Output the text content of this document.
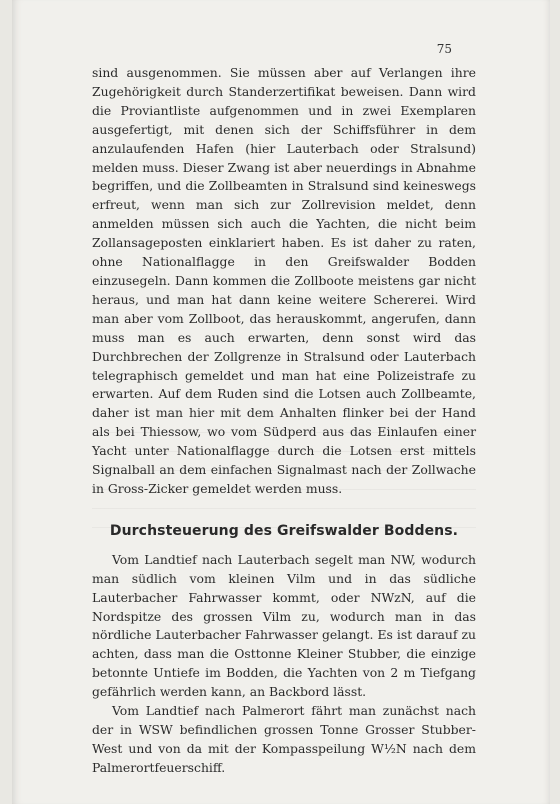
75

sind ausgenommen. Sie müssen aber auf Verlangen ihre Zugehörigkeit durch Standerzertifikat beweisen. Dann wird die Proviantliste aufgenommen und in zwei Exemplaren ausgefertigt, mit denen sich der Schiffsführer in dem anzulaufenden Hafen (hier Lauterbach oder Stralsund) melden muss. Dieser Zwang ist aber neuerdings in Abnahme begriffen, und die Zollbeamten in Stralsund sind keineswegs erfreut, wenn man sich zur Zollrevision meldet, denn anmelden müssen sich auch die Yachten, die nicht beim Zollansageposten einklariert haben. Es ist daher zu raten, ohne Nationalflagge in den Greifswalder Bodden einzusegeln. Dann kommen die Zollboote meistens gar nicht heraus, und man hat dann keine weitere Schererei. Wird man aber vom Zollboot, das herauskommt, angerufen, dann muss man es auch erwarten, denn sonst wird das Durchbrechen der Zollgrenze in Stralsund oder Lauterbach telegraphisch gemeldet und man hat eine Polizeistrafe zu erwarten. Auf dem Ruden sind die Lotsen auch Zollbeamte, daher ist man hier mit dem Anhalten flinker bei der Hand als bei Thiessow, wo vom Südperd aus das Einlaufen einer Yacht unter Nationalflagge durch die Lotsen erst mittels Signalball an dem einfachen Signalmast nach der Zollwache in Gross-Zicker gemeldet werden muss.

Durchsteuerung des Greifswalder Boddens.

Vom Landtief nach Lauterbach segelt man NW, wodurch man südlich vom kleinen Vilm und in das südliche Lauterbacher Fahrwasser kommt, oder NWzN, auf die Nordspitze des grossen Vilm zu, wodurch man in das nördliche Lauterbacher Fahrwasser gelangt. Es ist darauf zu achten, dass man die Osttonne Kleiner Stubber, die einzige betonnte Untiefe im Bodden, die Yachten von 2 m Tiefgang gefährlich werden kann, an Backbord lässt.

Vom Landtief nach Palmerort fährt man zunächst nach der in WSW befindlichen grossen Tonne Grosser Stubber-West und von da mit der Kompasspeilung W½N nach dem Palmerortfeuerschiff.
